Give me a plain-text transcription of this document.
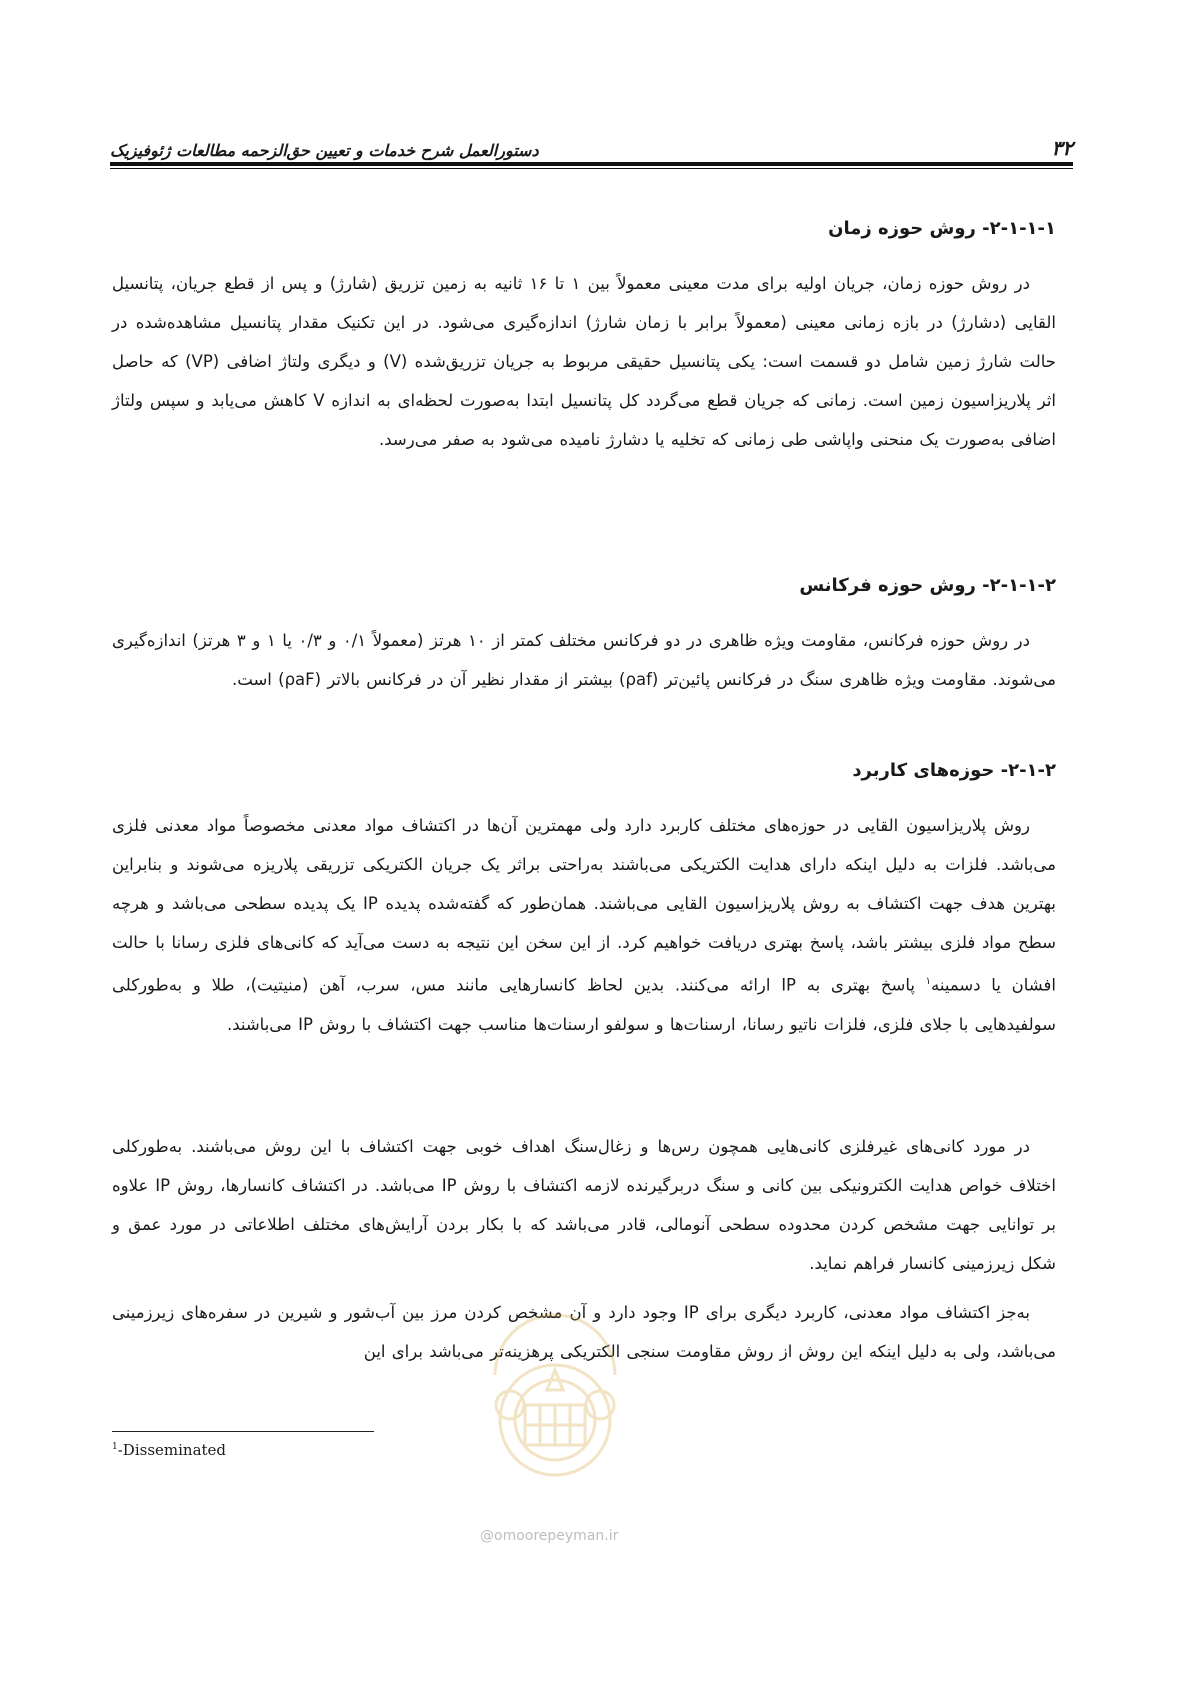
۳۲
دستورالعمل شرح خدمات و تعیین حق‌الزحمه مطالعات ژئوفیزیک
۲-۱-۱-۱- روش حوزه زمان

در روش حوزه زمان، جریان اولیه برای مدت معینی معمولاً بین ۱ تا ۱۶ ثانیه به زمین تزریق (شارژ) و پس از قطع جریان، پتانسیل القایی (دشارژ) در بازه زمانی معینی (معمولاً برابر با زمان شارژ) اندازه‌گیری می‌شود. در این تکنیک مقدار پتانسیل مشاهده‌شده در حالت شارژ زمین شامل دو قسمت است: یکی پتانسیل حقیقی مربوط به جریان تزریق‌شده (V) و دیگری ولتاژ اضافی (VP) که حاصل اثر پلاریزاسیون زمین است. زمانی که جریان قطع می‌گردد کل پتانسیل ابتدا به‌صورت لحظه‌ای به اندازه V کاهش می‌یابد و سپس ولتاژ اضافی به‌صورت یک منحنی واپاشی طی زمانی که تخلیه یا دشارژ نامیده می‌شود به صفر می‌رسد.

۲-۱-۱-۲- روش حوزه فرکانس

در روش حوزه فرکانس، مقاومت ویژه ظاهری در دو فرکانس مختلف کمتر از ۱۰ هرتز (معمولاً ۰/۱ و ۰/۳ یا ۱ و ۳ هرتز) اندازه‌گیری می‌شوند. مقاومت ویژه ظاهری سنگ در فرکانس پائین‌تر (ρaf) بیشتر از مقدار نظیر آن در فرکانس بالاتر (ρaF) است.

۲-۱-۲- حوزه‌های کاربرد

روش پلاریزاسیون القایی در حوزه‌های مختلف کاربرد دارد ولی مهمترین آن‌ها در اکتشاف مواد معدنی مخصوصاً مواد معدنی فلزی می‌باشد. فلزات به دلیل اینکه دارای هدایت الکتریکی می‌باشند به‌راحتی براثر یک جریان الکتریکی تزریقی پلاریزه می‌شوند و بنابراین بهترین هدف جهت اکتشاف به روش پلاریزاسیون القایی می‌باشند. همان‌طور که گفته‌شده پدیده IP یک پدیده سطحی می‌باشد و هرچه سطح مواد فلزی بیشتر باشد، پاسخ بهتری دریافت خواهیم کرد. از این سخن این نتیجه به دست می‌آید که کانی‌های فلزی رسانا با حالت افشان یا دسمینه$^۱$ پاسخ بهتری به IP ارائه می‌کنند. بدین لحاظ کانسارهایی مانند مس، سرب، آهن (منیتیت)، طلا و به‌طورکلی سولفیدهایی با جلای فلزی، فلزات ناتیو رسانا، ارسنات‌ها و سولفو ارسنات‌ها مناسب جهت اکتشاف با روش IP می‌باشند.

در مورد کانی‌های غیرفلزی کانی‌هایی همچون رس‌ها و زغال‌سنگ اهداف خوبی جهت اکتشاف با این روش می‌باشند. به‌طورکلی اختلاف خواص هدایت الکترونیکی بین کانی و سنگ دربرگیرنده لازمه اکتشاف با روش IP می‌باشد. در اکتشاف کانسارها، روش IP علاوه بر توانایی جهت مشخص کردن محدوده سطحی آنومالی، قادر می‌باشد که با بکار بردن آرایش‌های مختلف اطلاعاتی در مورد عمق و شکل زیرزمینی کانسار فراهم نماید.

به‌جز اکتشاف مواد معدنی، کاربرد دیگری برای IP وجود دارد و آن مشخص کردن مرز بین آب‌شور و شیرین در سفره‌های زیرزمینی می‌باشد، ولی به دلیل اینکه این روش از روش مقاومت سنجی الکتریکی پرهزینه‌تر می‌باشد برای این

$^1$-Disseminated
@omoorepeyman.ir
